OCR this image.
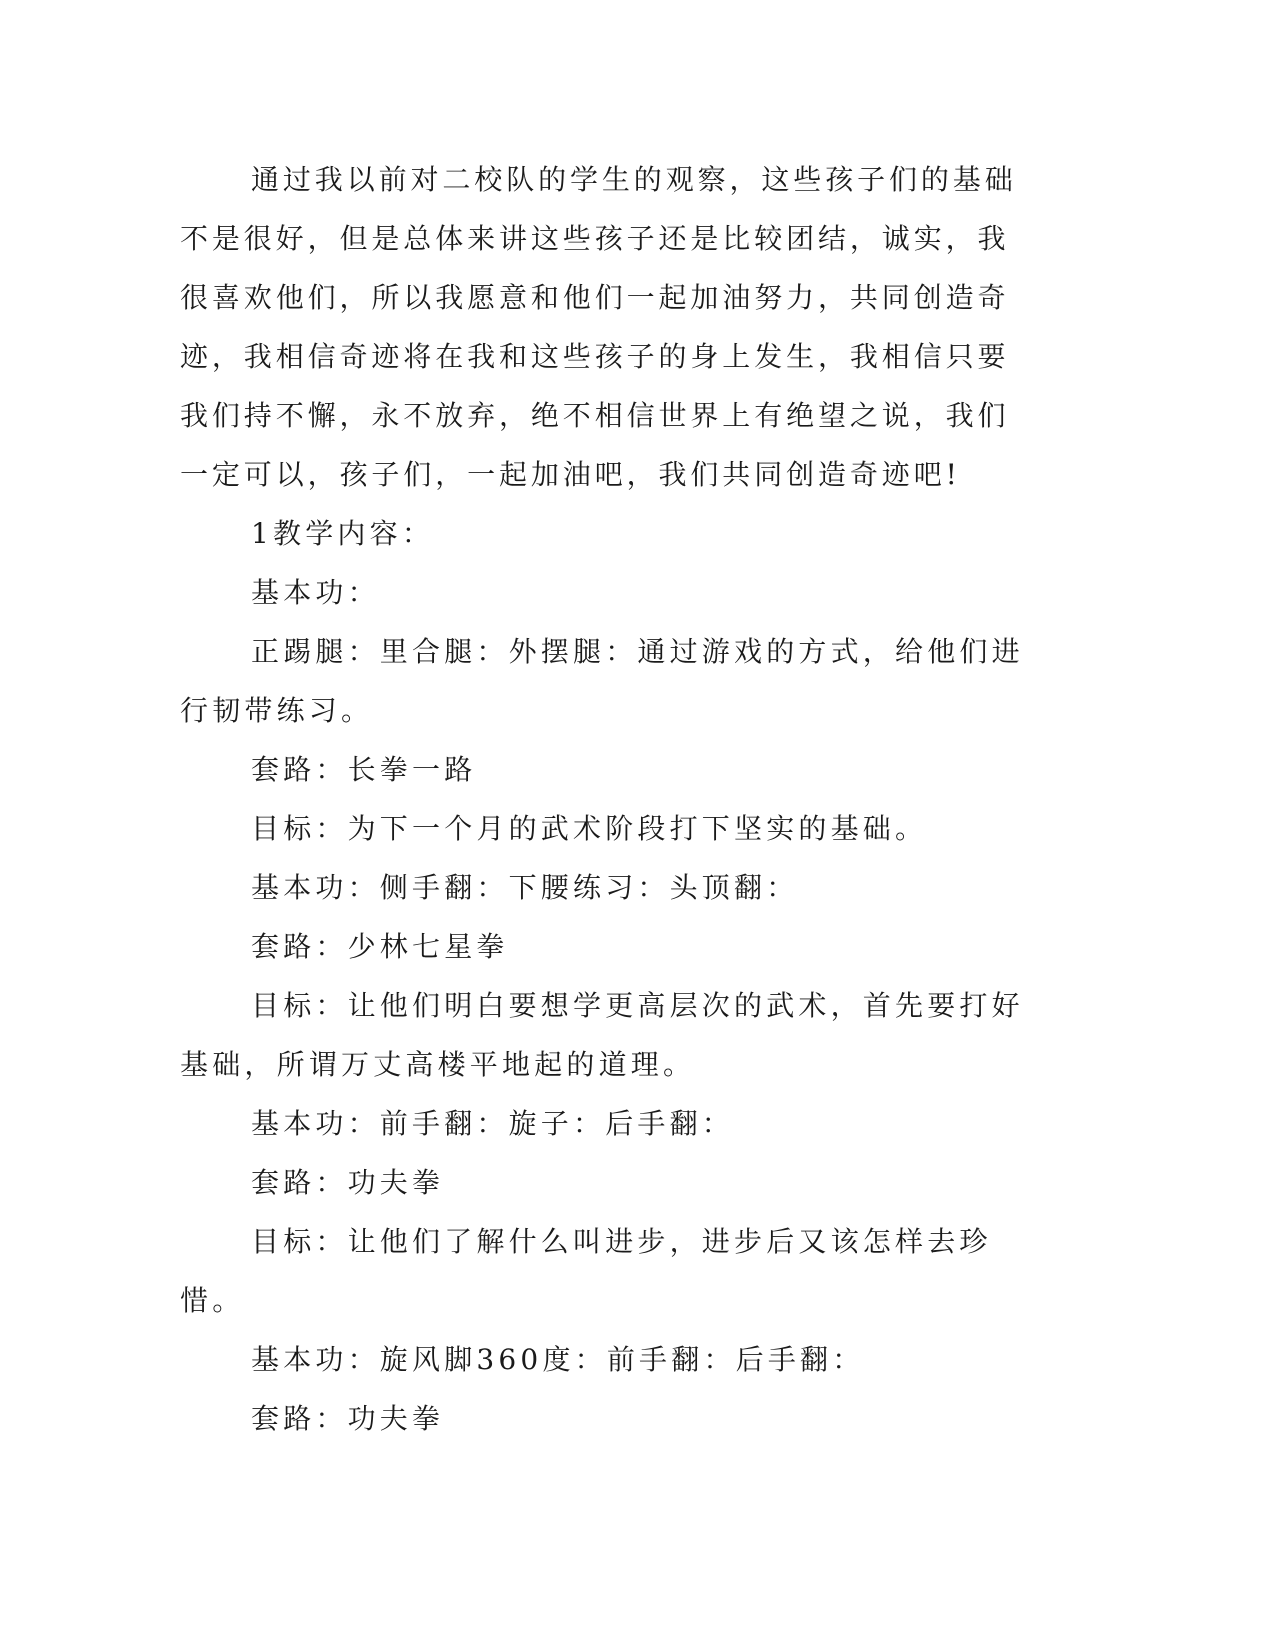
通过我以前对二校队的学生的观察，这些孩子们的基础不是很好，但是总体来讲这些孩子还是比较团结，诚实，我很喜欢他们，所以我愿意和他们一起加油努力，共同创造奇迹，我相信奇迹将在我和这些孩子的身上发生，我相信只要我们持不懈，永不放弃，绝不相信世界上有绝望之说，我们一定可以，孩子们，一起加油吧，我们共同创造奇迹吧!

1教学内容：

基本功：

正踢腿：里合腿：外摆腿：通过游戏的方式，给他们进行韧带练习。

套路：长拳一路

目标：为下一个月的武术阶段打下坚实的基础。

基本功：侧手翻：下腰练习：头顶翻：

套路：少林七星拳

目标：让他们明白要想学更高层次的武术，首先要打好基础，所谓万丈高楼平地起的道理。

基本功：前手翻：旋子：后手翻：

套路：功夫拳

目标：让他们了解什么叫进步，进步后又该怎样去珍惜。

基本功：旋风脚360度：前手翻：后手翻：

套路：功夫拳
